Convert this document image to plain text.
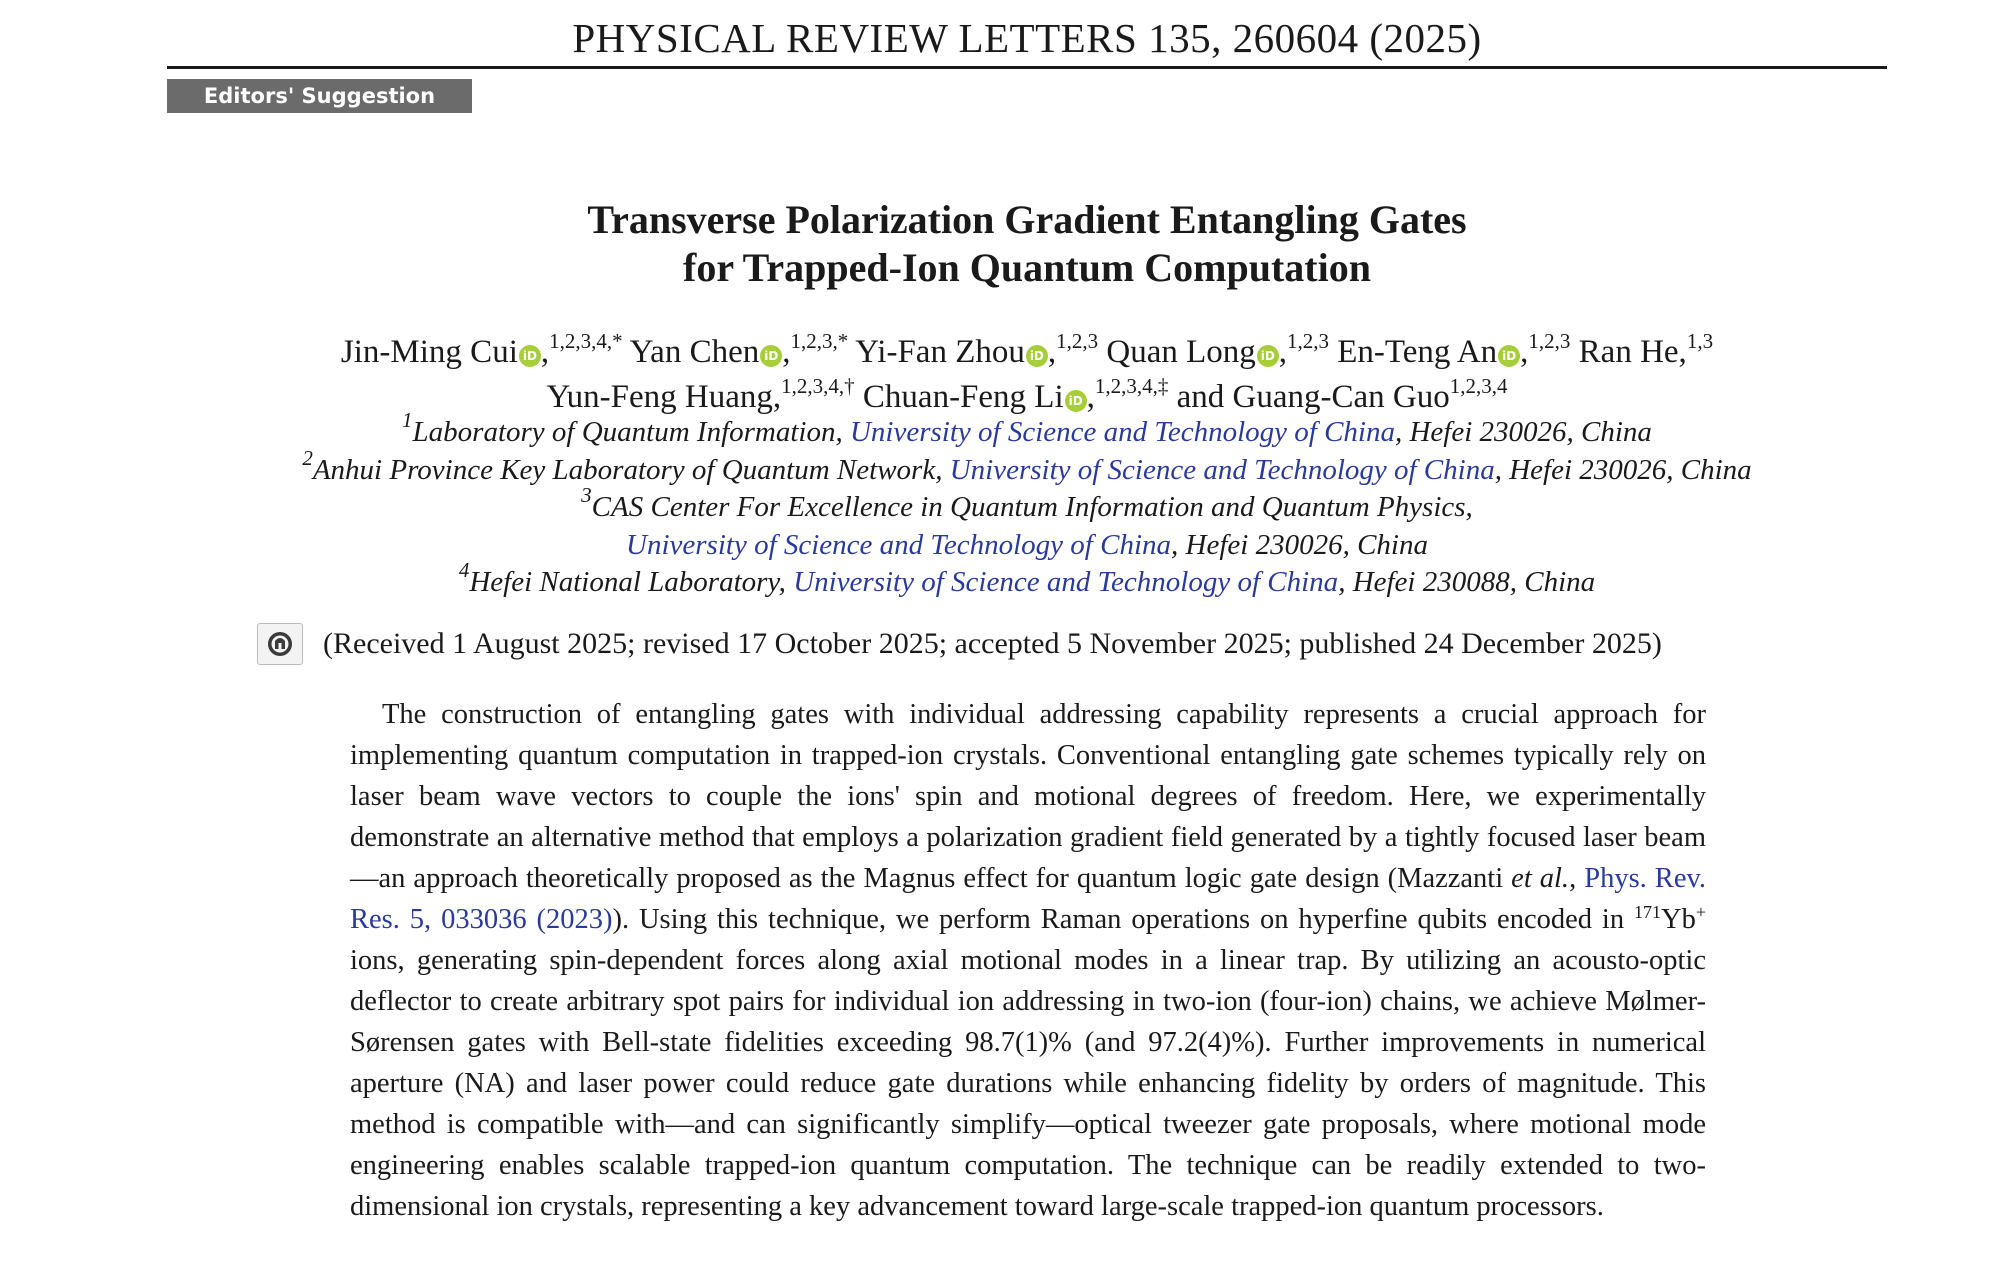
PHYSICAL REVIEW LETTERS 135, 260604 (2025)
Editors' Suggestion
Transverse Polarization Gradient Entangling Gates
for Trapped-Ion Quantum Computation
Jin-Ming Cui iD ,$^{1,2,3,4,*}$ Yan Chen iD ,$^{1,2,3,*}$ Yi-Fan Zhou iD ,$^{1,2,3}$ Quan Long iD ,$^{1,2,3}$ En-Teng An iD ,$^{1,2,3}$ Ran He,$^{1,3}$
Yun-Feng Huang,$^{1,2,3,4,\dagger}$ Chuan-Feng Li iD ,$^{1,2,3,4,\ddagger}$ and Guang-Can Guo$^{1,2,3,4}$
$^1$Laboratory of Quantum Information, University of Science and Technology of China, Hefei 230026, China
$^2$Anhui Province Key Laboratory of Quantum Network, University of Science and Technology of China, Hefei 230026, China
$^3$CAS Center For Excellence in Quantum Information and Quantum Physics,
University of Science and Technology of China, Hefei 230026, China
$^4$Hefei National Laboratory, University of Science and Technology of China, Hefei 230088, China
(Received 1 August 2025; revised 17 October 2025; accepted 5 November 2025; published 24 December 2025)
The construction of entangling gates with individual addressing capability represents a crucial approach for implementing quantum computation in trapped-ion crystals. Conventional entangling gate schemes typically rely on laser beam wave vectors to couple the ions' spin and motional degrees of freedom. Here, we experimentally demonstrate an alternative method that employs a polarization gradient field generated by a tightly focused laser beam—an approach theoretically proposed as the Magnus effect for quantum logic gate design (Mazzanti et al., Phys. Rev. Res. 5, 033036 (2023)). Using this technique, we perform Raman operations on hyperfine qubits encoded in $^{171}$Yb+ ions, generating spin-dependent forces along axial motional modes in a linear trap. By utilizing an acousto-optic deflector to create arbitrary spot pairs for individual ion addressing in two-ion (four-ion) chains, we achieve Mølmer-Sørensen gates with Bell-state fidelities exceeding 98.7(1)% (and 97.2(4)%). Further improvements in numerical aperture (NA) and laser power could reduce gate durations while enhancing fidelity by orders of magnitude. This method is compatible with—and can significantly simplify—optical tweezer gate proposals, where motional mode engineering enables scalable trapped-ion quantum computation. The technique can be readily extended to two-dimensional ion crystals, representing a key advancement toward large-scale trapped-ion quantum processors.
